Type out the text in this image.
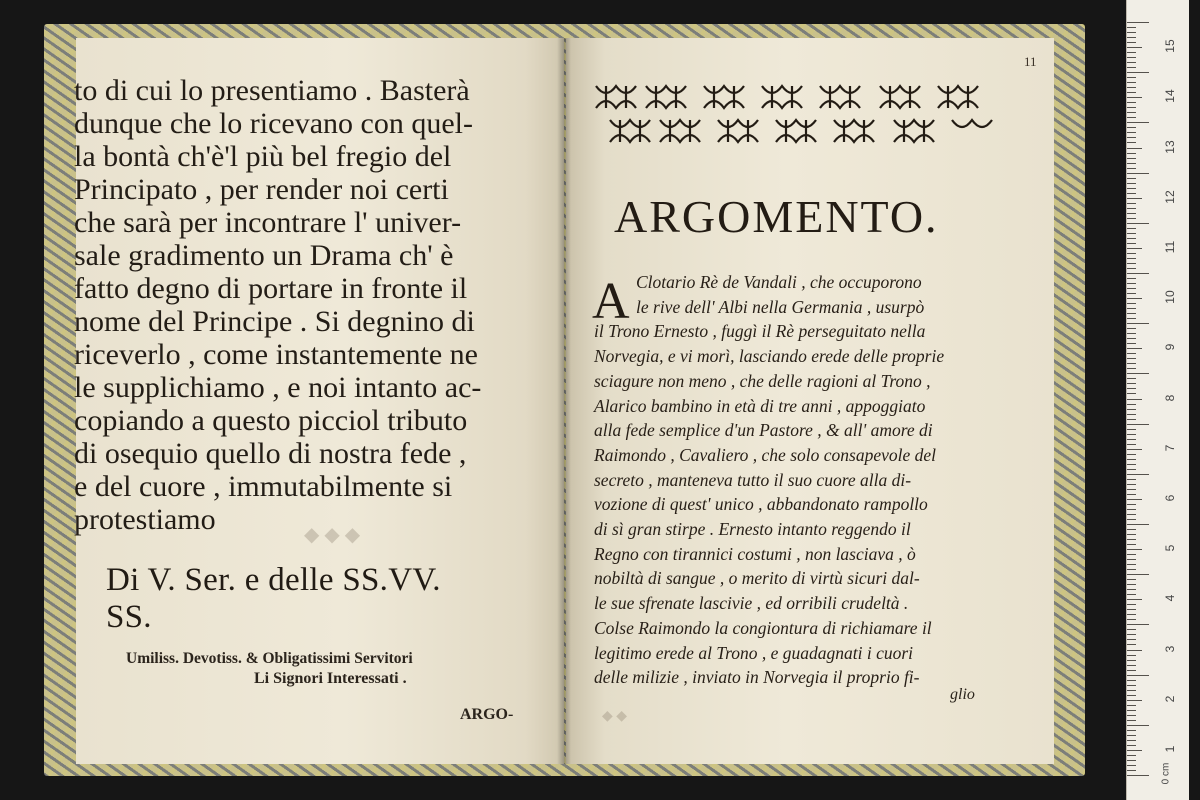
◆ ◆ ◆
◆ ◆
to di cui lo presentiamo . Basterà
dunque che lo ricevano con quel-
la bontà ch'è'l più bel fregio del
Principato , per render noi certi
che sarà per incontrare l' univer-
sale gradimento un Drama ch' è
fatto degno di portare in fronte il
nome del Principe . Si degnino di
riceverlo , come instantemente ne
le supplichiamo , e noi intanto ac-
copiando a questo picciol tributo
di osequio quello di nostra fede ,
e del cuore , immutabilmente si
protestiamo
Di V. Ser. e delle SS.VV. SS.
Umiliss. Devotiss. & Obligatissimi Servitori
Li Signori Interessati .
ARGO-
11
ARGOMENTO.
A Clotario Rè de Vandali , che occuporono
le rive dell' Albi nella Germania , usurpò
il Trono Ernesto , fuggì il Rè perseguitato nella
Norvegia, e vi morì, lasciando erede delle proprie
sciagure non meno , che delle ragioni al Trono ,
Alarico bambino in età di tre anni , appoggiato
alla fede semplice d'un Pastore , & all' amore di
Raimondo , Cavaliero , che solo consapevole del
secreto , manteneva tutto il suo cuore alla di-
vozione di quest' unico , abbandonato rampollo
di sì gran stirpe . Ernesto intanto reggendo il
Regno con tirannici costumi , non lasciava , ò
nobiltà di sangue , o merito di virtù sicuri dal-
le sue sfrenate lascivie , ed orribili crudeltà .
Colse Raimondo la congiontura di richiamare il
legitimo erede al Trono , e guadagnati i cuori
delle milizie , inviato in Norvegia il proprio fi-
glio
0 cm
15
14
13
12
11
10
9
8
7
6
5
4
3
2
1
